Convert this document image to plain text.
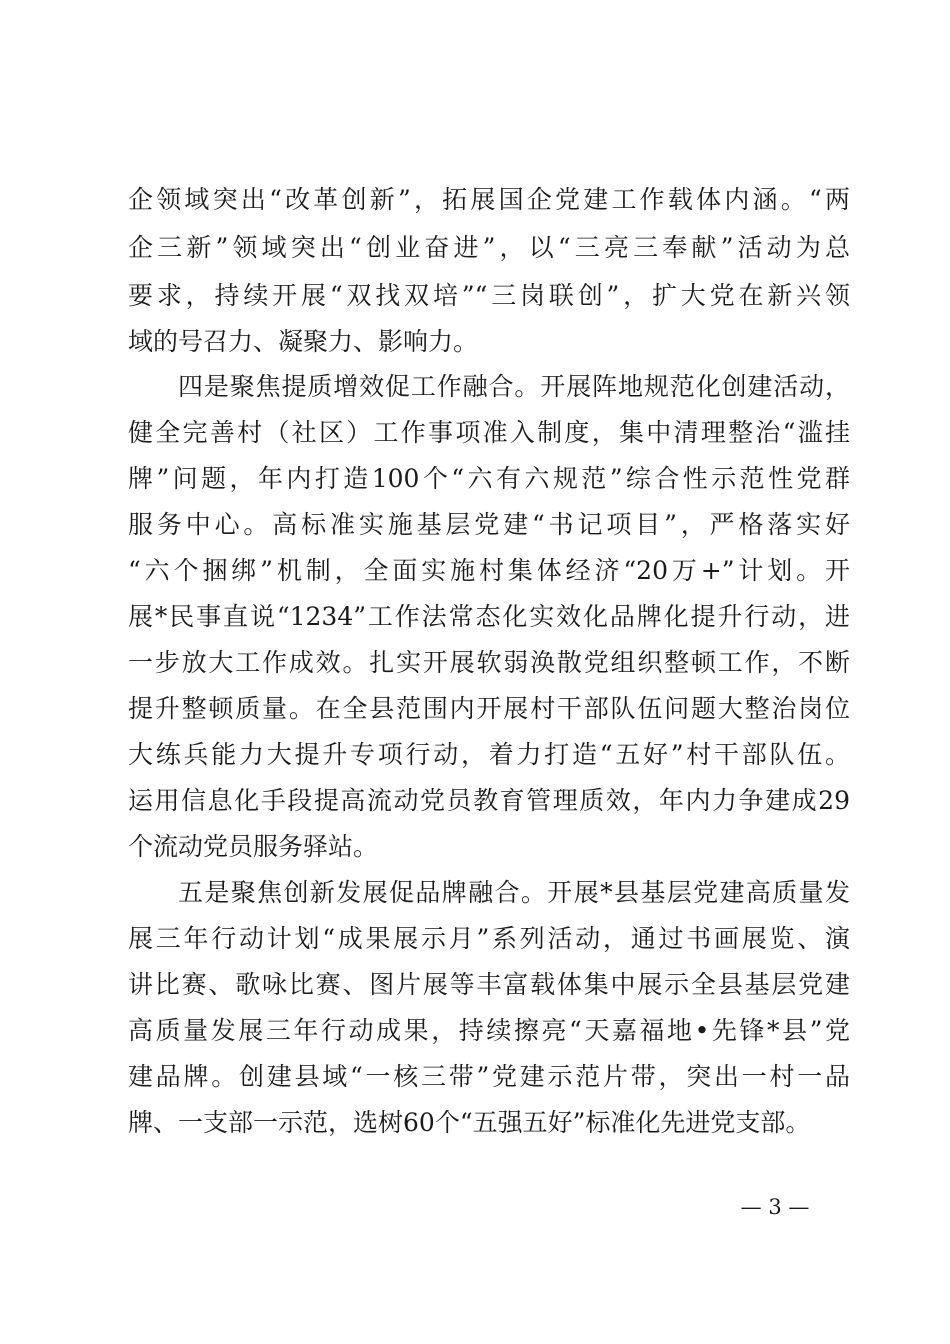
企领域突出“改革创新”，拓展国企党建工作载体内涵。“两
企三新”领域突出“创业奋进”，以“三亮三奉献”活动为总
要求，持续开展“双找双培”“三岗联创”，扩大党在新兴领
域的号召力、凝聚力、影响力。
四是聚焦提质增效促工作融合。开展阵地规范化创建活动，
健全完善村（社区）工作事项准入制度，集中清理整治“滥挂
牌”问题，年内打造100个“六有六规范”综合性示范性党群
服务中心。高标准实施基层党建“书记项目”，严格落实好
“六个捆绑”机制，全面实施村集体经济“20万+”计划。开
展*民事直说“1234”工作法常态化实效化品牌化提升行动，进
一步放大工作成效。扎实开展软弱涣散党组织整顿工作，不断
提升整顿质量。在全县范围内开展村干部队伍问题大整治岗位
大练兵能力大提升专项行动，着力打造“五好”村干部队伍。
运用信息化手段提高流动党员教育管理质效，年内力争建成29
个流动党员服务驿站。
五是聚焦创新发展促品牌融合。开展*县基层党建高质量发
展三年行动计划“成果展示月”系列活动，通过书画展览、演
讲比赛、歌咏比赛、图片展等丰富载体集中展示全县基层党建
高质量发展三年行动成果，持续擦亮“天嘉福地•先锋*县”党
建品牌。创建县域“一核三带”党建示范片带，突出一村一品
牌、一支部一示范，选树60个“五强五好”标准化先进党支部。
— 3 —
